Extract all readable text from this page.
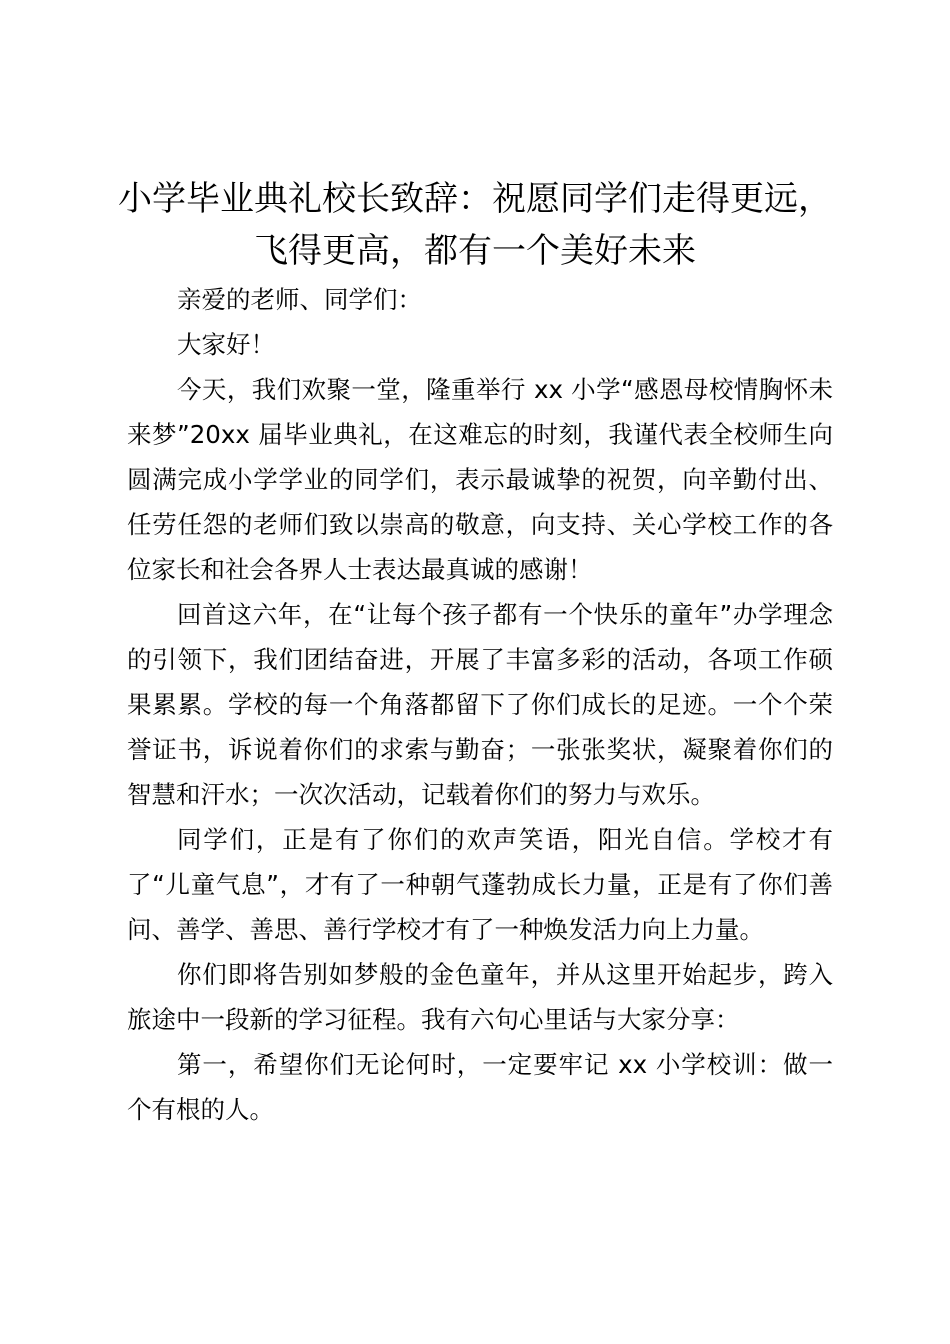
小学毕业典礼校长致辞：祝愿同学们走得更远，
飞得更高，都有一个美好未来

亲爱的老师、同学们：

大家好！

今天，我们欢聚一堂，隆重举行 xx 小学“感恩母校情胸怀未来梦”20xx 届毕业典礼，在这难忘的时刻，我谨代表全校师生向圆满完成小学学业的同学们，表示最诚挚的祝贺，向辛勤付出、任劳任怨的老师们致以崇高的敬意，向支持、关心学校工作的各位家长和社会各界人士表达最真诚的感谢！

回首这六年，在“让每个孩子都有一个快乐的童年”办学理念的引领下，我们团结奋进，开展了丰富多彩的活动，各项工作硕果累累。学校的每一个角落都留下了你们成长的足迹。一个个荣誉证书，诉说着你们的求索与勤奋；一张张奖状，凝聚着你们的智慧和汗水；一次次活动，记载着你们的努力与欢乐。

同学们，正是有了你们的欢声笑语，阳光自信。学校才有了“儿童气息”，才有了一种朝气蓬勃成长力量，正是有了你们善问、善学、善思、善行学校才有了一种焕发活力向上力量。

你们即将告别如梦般的金色童年，并从这里开始起步，跨入旅途中一段新的学习征程。我有六句心里话与大家分享：

第一，希望你们无论何时，一定要牢记 xx 小学校训：做一个有根的人。
